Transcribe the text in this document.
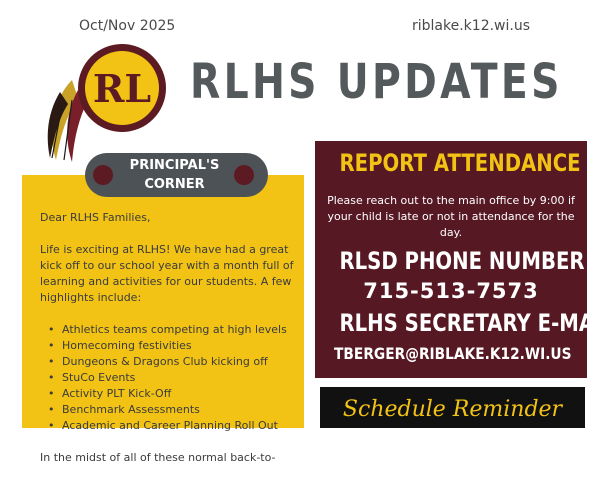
Oct/Nov 2025	riblake.k12.wi.us
RL RLHS UPDATES
PRINCIPAL'S
CORNER

Dear RLHS Families,

Life is exciting at RLHS! We have had a great kick off to our school year with a month full of learning and activities for our students. A few highlights include:

• Athletics teams competing at high levels
• Homecoming festivities
• Dungeons & Dragons Club kicking off
• StuCo Events
• Activity PLT Kick-Off
• Benchmark Assessments
• Academic and Career Planning Roll Out

In the midst of all of these normal back-to-

REPORT ATTENDANCE
Please reach out to the main office by 9:00 if your child is late or not in attendance for the day.
RLSD PHONE NUMBER
715-513-7573
RLHS SECRETARY E-MAIL
TBERGER@RIBLAKE.K12.WI.US
Schedule Reminder
